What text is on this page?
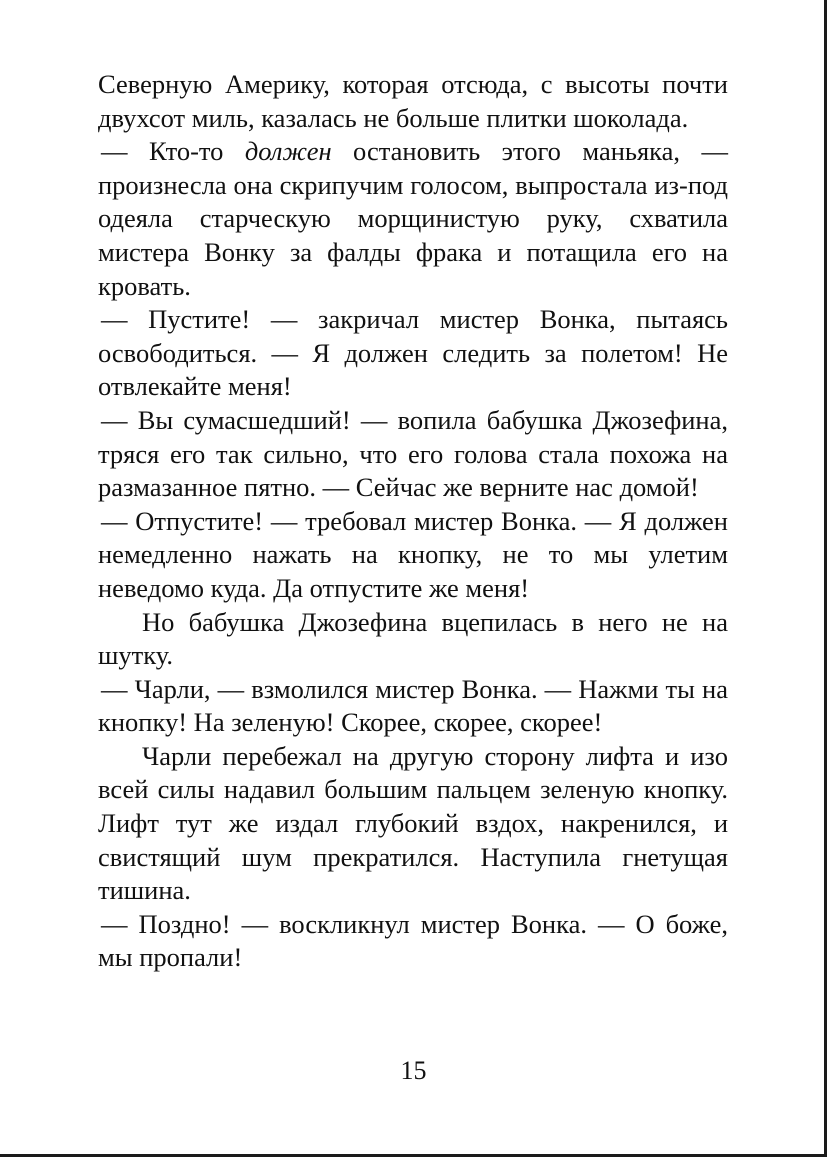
Северную Америку, которая отсюда, с высоты почти двухсот миль, казалась не больше плитки шоколада.

— Кто-то должен остановить этого маньяка, — произнесла она скрипучим голосом, выпростала из-под одеяла старческую морщинистую руку, схватила мистера Вонку за фалды фрака и потащила его на кровать.

— Пустите! — закричал мистер Вонка, пытаясь освободиться. — Я должен следить за полетом! Не отвлекайте меня!

— Вы сумасшедший! — вопила бабушка Джозефина, тряся его так сильно, что его голова стала похожа на размазанное пятно. — Сейчас же верните нас домой!

— Отпустите! — требовал мистер Вонка. — Я должен немедленно нажать на кнопку, не то мы улетим неведомо куда. Да отпустите же меня!

Но бабушка Джозефина вцепилась в него не на шутку.

— Чарли, — взмолился мистер Вонка. — Нажми ты на кнопку! На зеленую! Скорее, скорее, скорее!

Чарли перебежал на другую сторону лифта и изо всей силы надавил большим пальцем зеленую кнопку. Лифт тут же издал глубокий вздох, накренился, и свистящий шум прекратился. Наступила гнетущая тишина.

— Поздно! — воскликнул мистер Вонка. — О боже, мы пропали!

15
